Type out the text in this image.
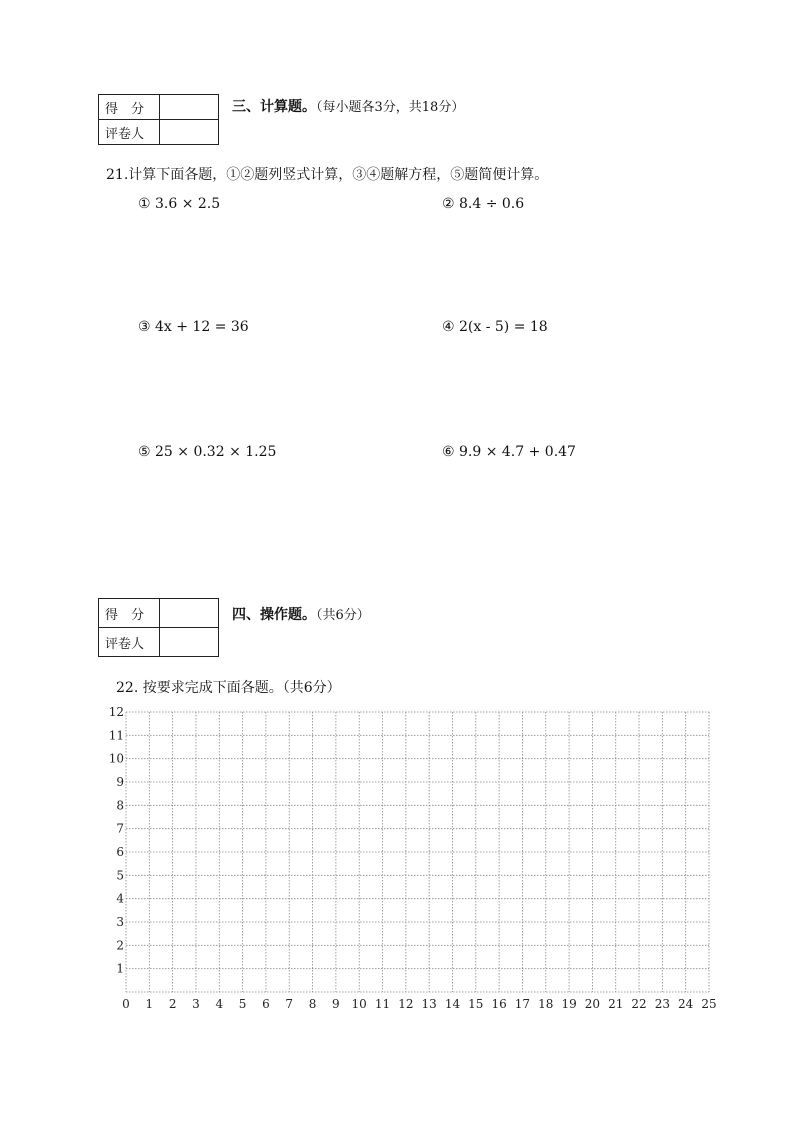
得　分	
评卷人	
三、计算题。（每小题各3分，共18分）
21.计算下面各题，①②题列竖式计算，③④题解方程，⑤题简便计算。
① 3.6 × 2.5	② 8.4 ÷ 0.6
③ 4x + 12 = 36	④ 2(x - 5) = 18
⑤ 25 × 0.32 × 1.25	⑥ 9.9 × 4.7 + 0.47
得　分	
评卷人	
四、操作题。（共6分）
22. 按要求完成下面各题。（共6分）
0 1 2 3 4 5 6 7 8 9 10 11 12 13 14 15 16 17 18 19 20 21 22 23 24 25
1
2
3
4
5
6
7
8
9
10
11
12
